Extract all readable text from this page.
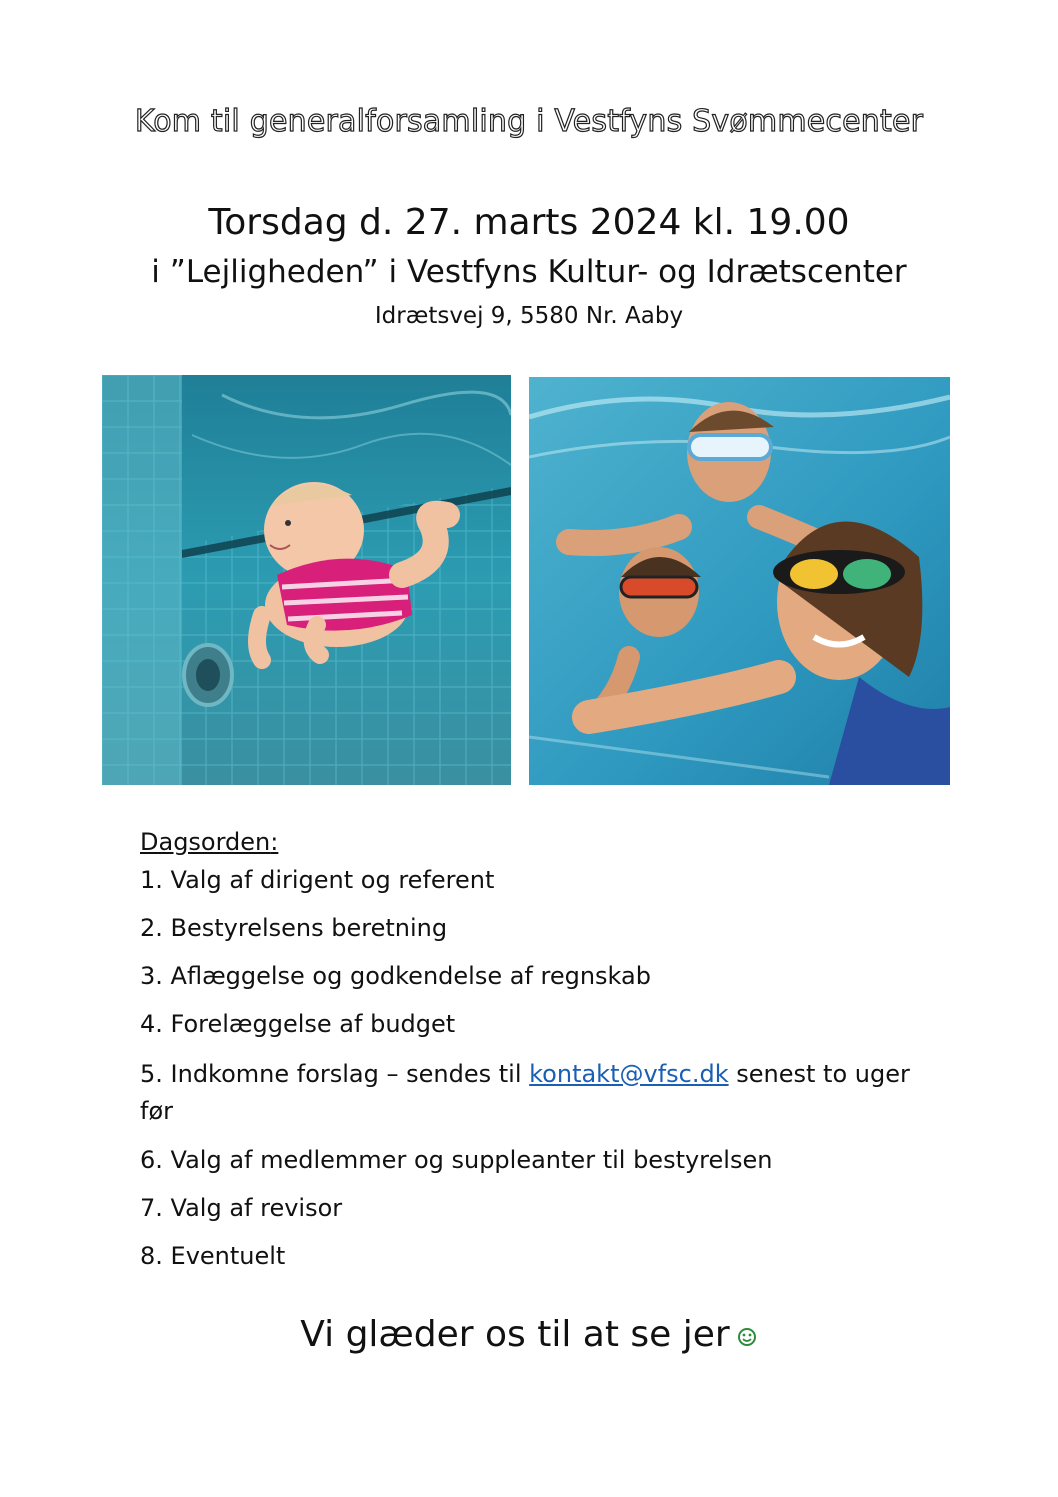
Kom til generalforsamling i Vestfyns Svømmecenter
Torsdag d. 27. marts 2024 kl. 19.00
i ”Lejligheden” i Vestfyns Kultur- og Idrætscenter
Idrætsvej 9, 5580 Nr. Aaby
Dagsorden:
1. Valg af dirigent og referent
2. Bestyrelsens beretning
3. Aflæggelse og godkendelse af regnskab
4. Forelæggelse af budget
5. Indkomne forslag – sendes til kontakt@vfsc.dk senest to uger før
6. Valg af medlemmer og suppleanter til bestyrelsen
7. Valg af revisor
8. Eventuelt
Vi glæder os til at se jer
